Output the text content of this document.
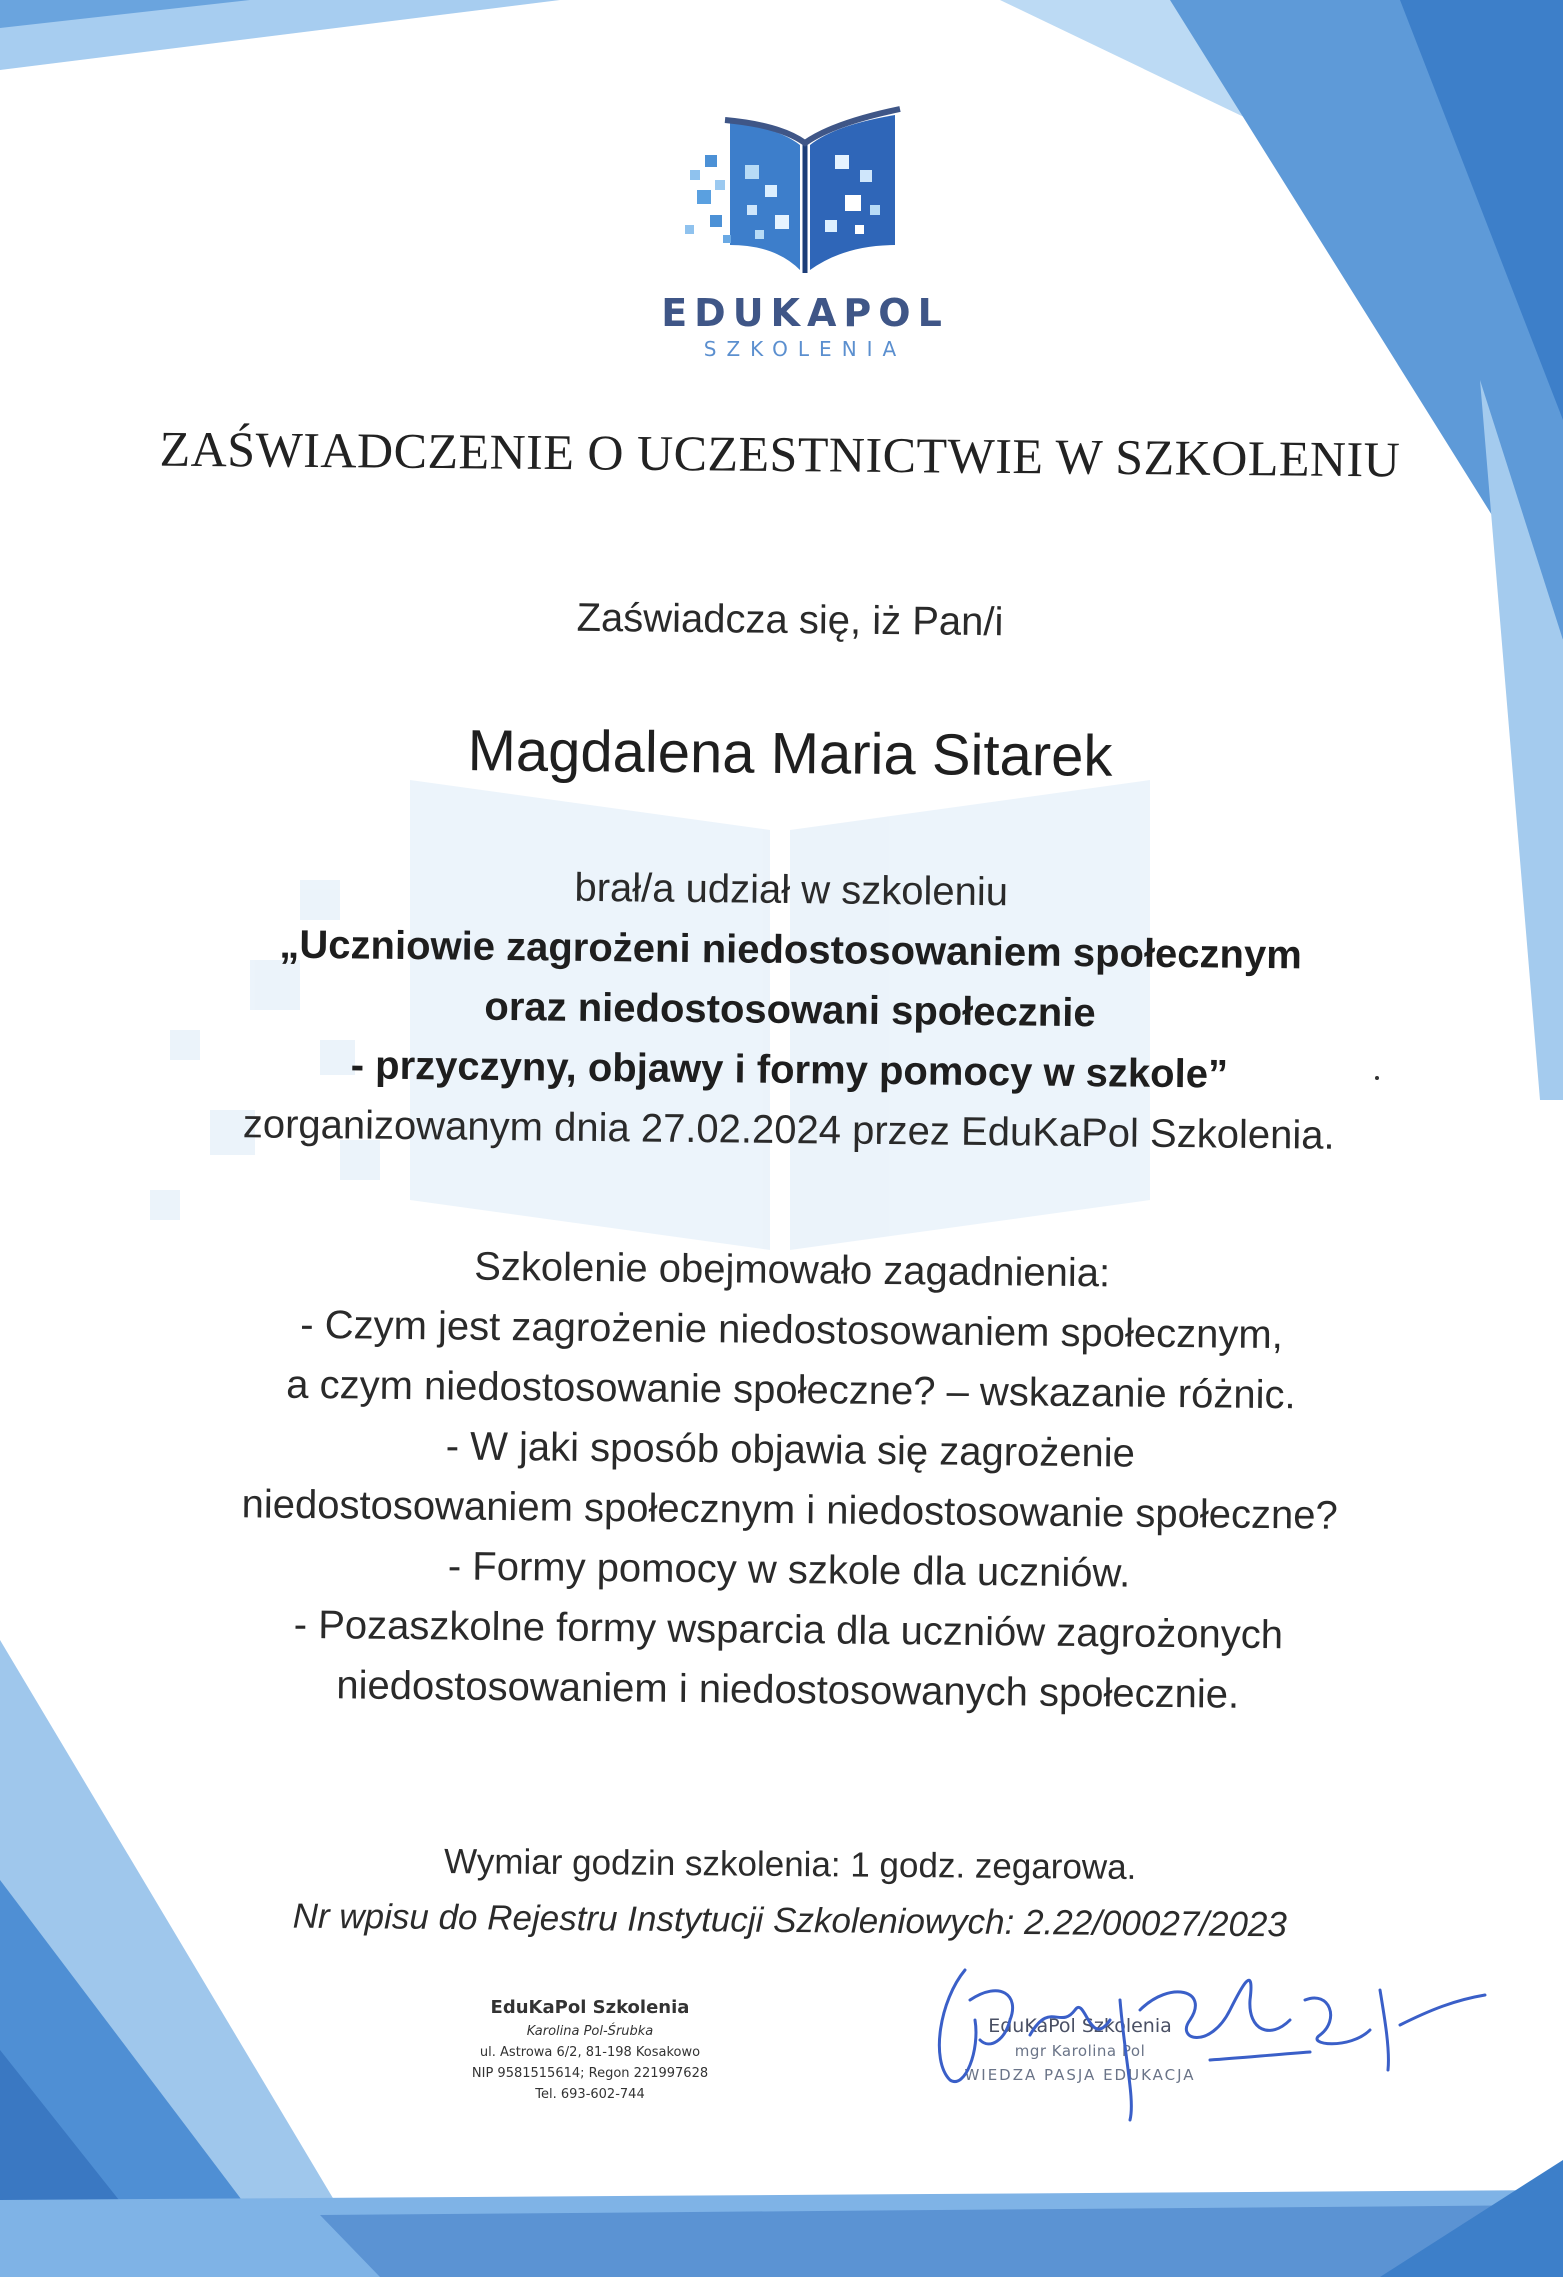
EDUKAPOL
SZKOLENIA
ZAŚWIADCZENIE O UCZESTNICTWIE W SZKOLENIU
Zaświadcza się, iż Pan/i
Magdalena Maria Sitarek
brał/a udział w szkoleniu
„Uczniowie zagrożeni niedostosowaniem społecznym
oraz niedostosowani społecznie
- przyczyny, objawy i formy pomocy w szkole”
zorganizowanym dnia 27.02.2024 przez EduKaPol Szkolenia.
Szkolenie obejmowało zagadnienia:
- Czym jest zagrożenie niedostosowaniem społecznym,
a czym niedostosowanie społeczne? – wskazanie różnic.
- W jaki sposób objawia się zagrożenie
niedostosowaniem społecznym i niedostosowanie społeczne?
- Formy pomocy w szkole dla uczniów.
- Pozaszkolne formy wsparcia dla uczniów zagrożonych
niedostosowaniem i niedostosowanych społecznie.
Wymiar godzin szkolenia: 1 godz. zegarowa.
Nr wpisu do Rejestru Instytucji Szkoleniowych: 2.22/00027/2023
EduKaPol Szkolenia
Karolina Pol-Śrubka
ul. Astrowa 6/2, 81-198 Kosakowo
NIP 9581515614; Regon 221997628
Tel. 693-602-744
EduKaPol Szkolenia
mgr Karolina Pol
WIEDZA PASJA EDUKACJA
